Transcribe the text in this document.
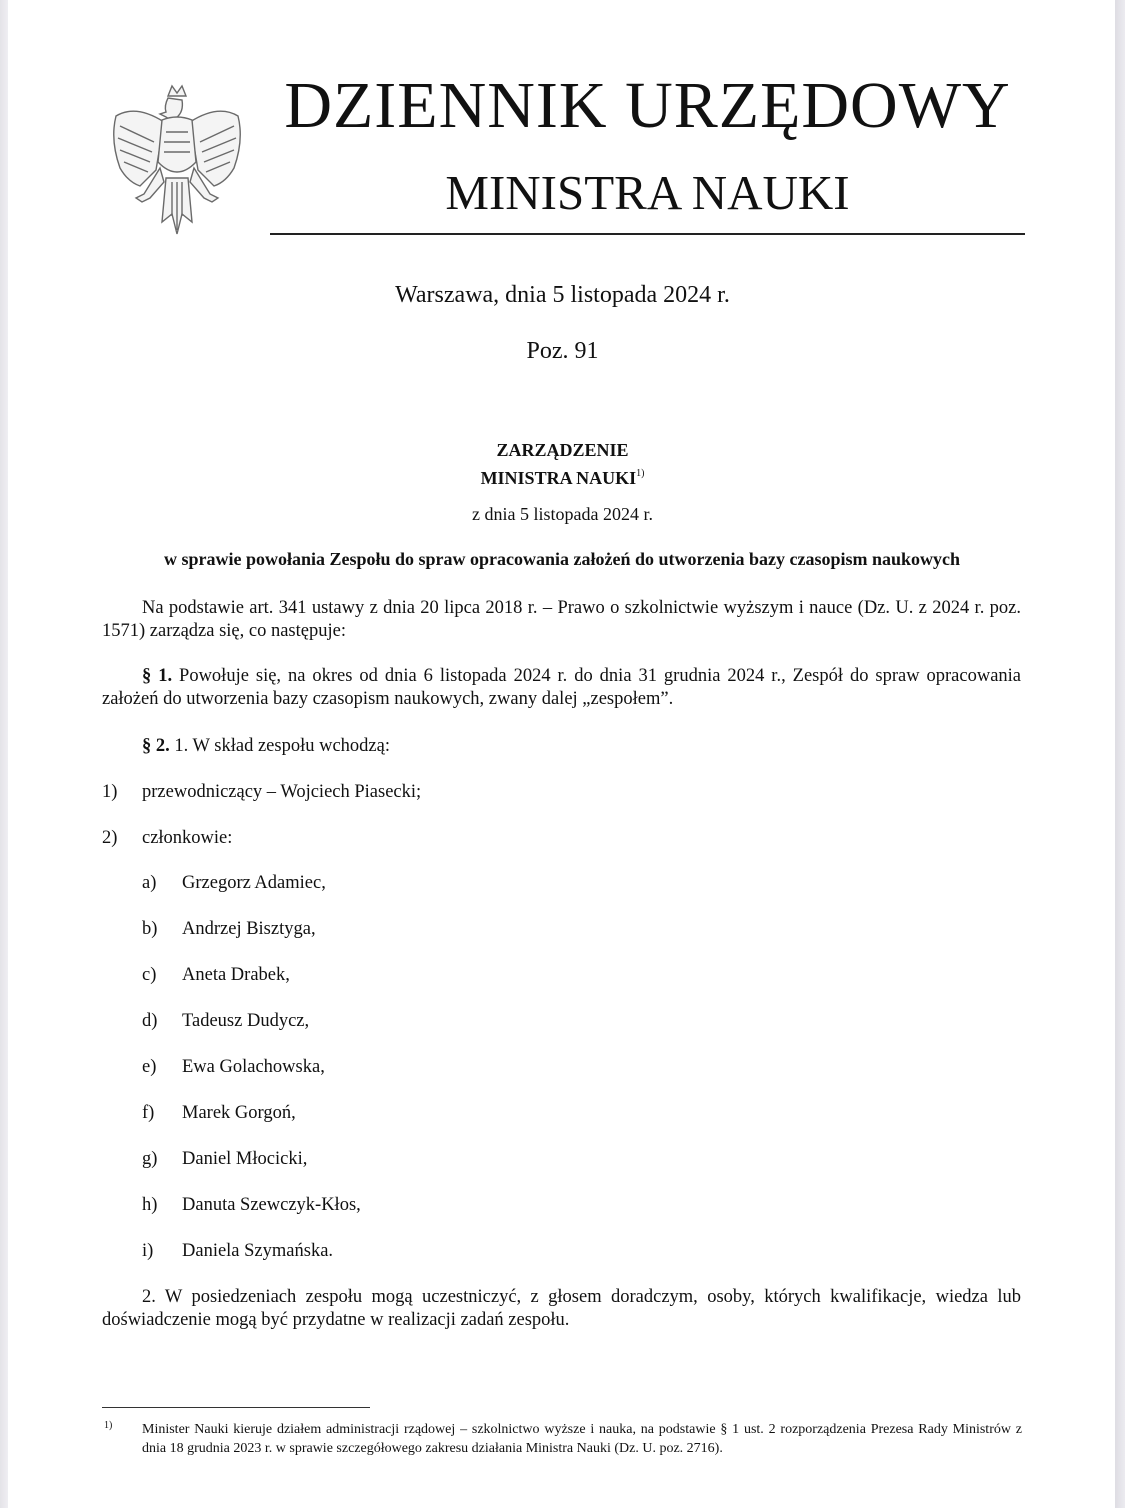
DZIENNIK URZĘDOWY
MINISTRA NAUKI
Warszawa, dnia 5 listopada 2024 r.
Poz. 91
ZARZĄDZENIE
MINISTRA NAUKI$^{1)}$
z dnia 5 listopada 2024 r.
w sprawie powołania Zespołu do spraw opracowania założeń do utworzenia bazy czasopism naukowych
Na podstawie art. 341 ustawy z dnia 20 lipca 2018 r. – Prawo o szkolnictwie wyższym i nauce (Dz. U. z 2024 r. poz. 1571) zarządza się, co następuje:
§ 1. Powołuje się, na okres od dnia 6 listopada 2024 r. do dnia 31 grudnia 2024 r., Zespół do spraw opracowania założeń do utworzenia bazy czasopism naukowych, zwany dalej „zespołem”.
§ 2. 1. W skład zespołu wchodzą:
1) przewodniczący – Wojciech Piasecki;
2) członkowie:
a) Grzegorz Adamiec,
b) Andrzej Bisztyga,
c) Aneta Drabek,
d) Tadeusz Dudycz,
e) Ewa Golachowska,
f) Marek Gorgoń,
g) Daniel Młocicki,
h) Danuta Szewczyk-Kłos,
i) Daniela Szymańska.
2. W posiedzeniach zespołu mogą uczestniczyć, z głosem doradczym, osoby, których kwalifikacje, wiedza lub doświadczenie mogą być przydatne w realizacji zadań zespołu.
1) Minister Nauki kieruje działem administracji rządowej – szkolnictwo wyższe i nauka, na podstawie § 1 ust. 2 rozporządzenia Prezesa Rady Ministrów z dnia 18 grudnia 2023 r. w sprawie szczegółowego zakresu działania Ministra Nauki (Dz. U. poz. 2716).
